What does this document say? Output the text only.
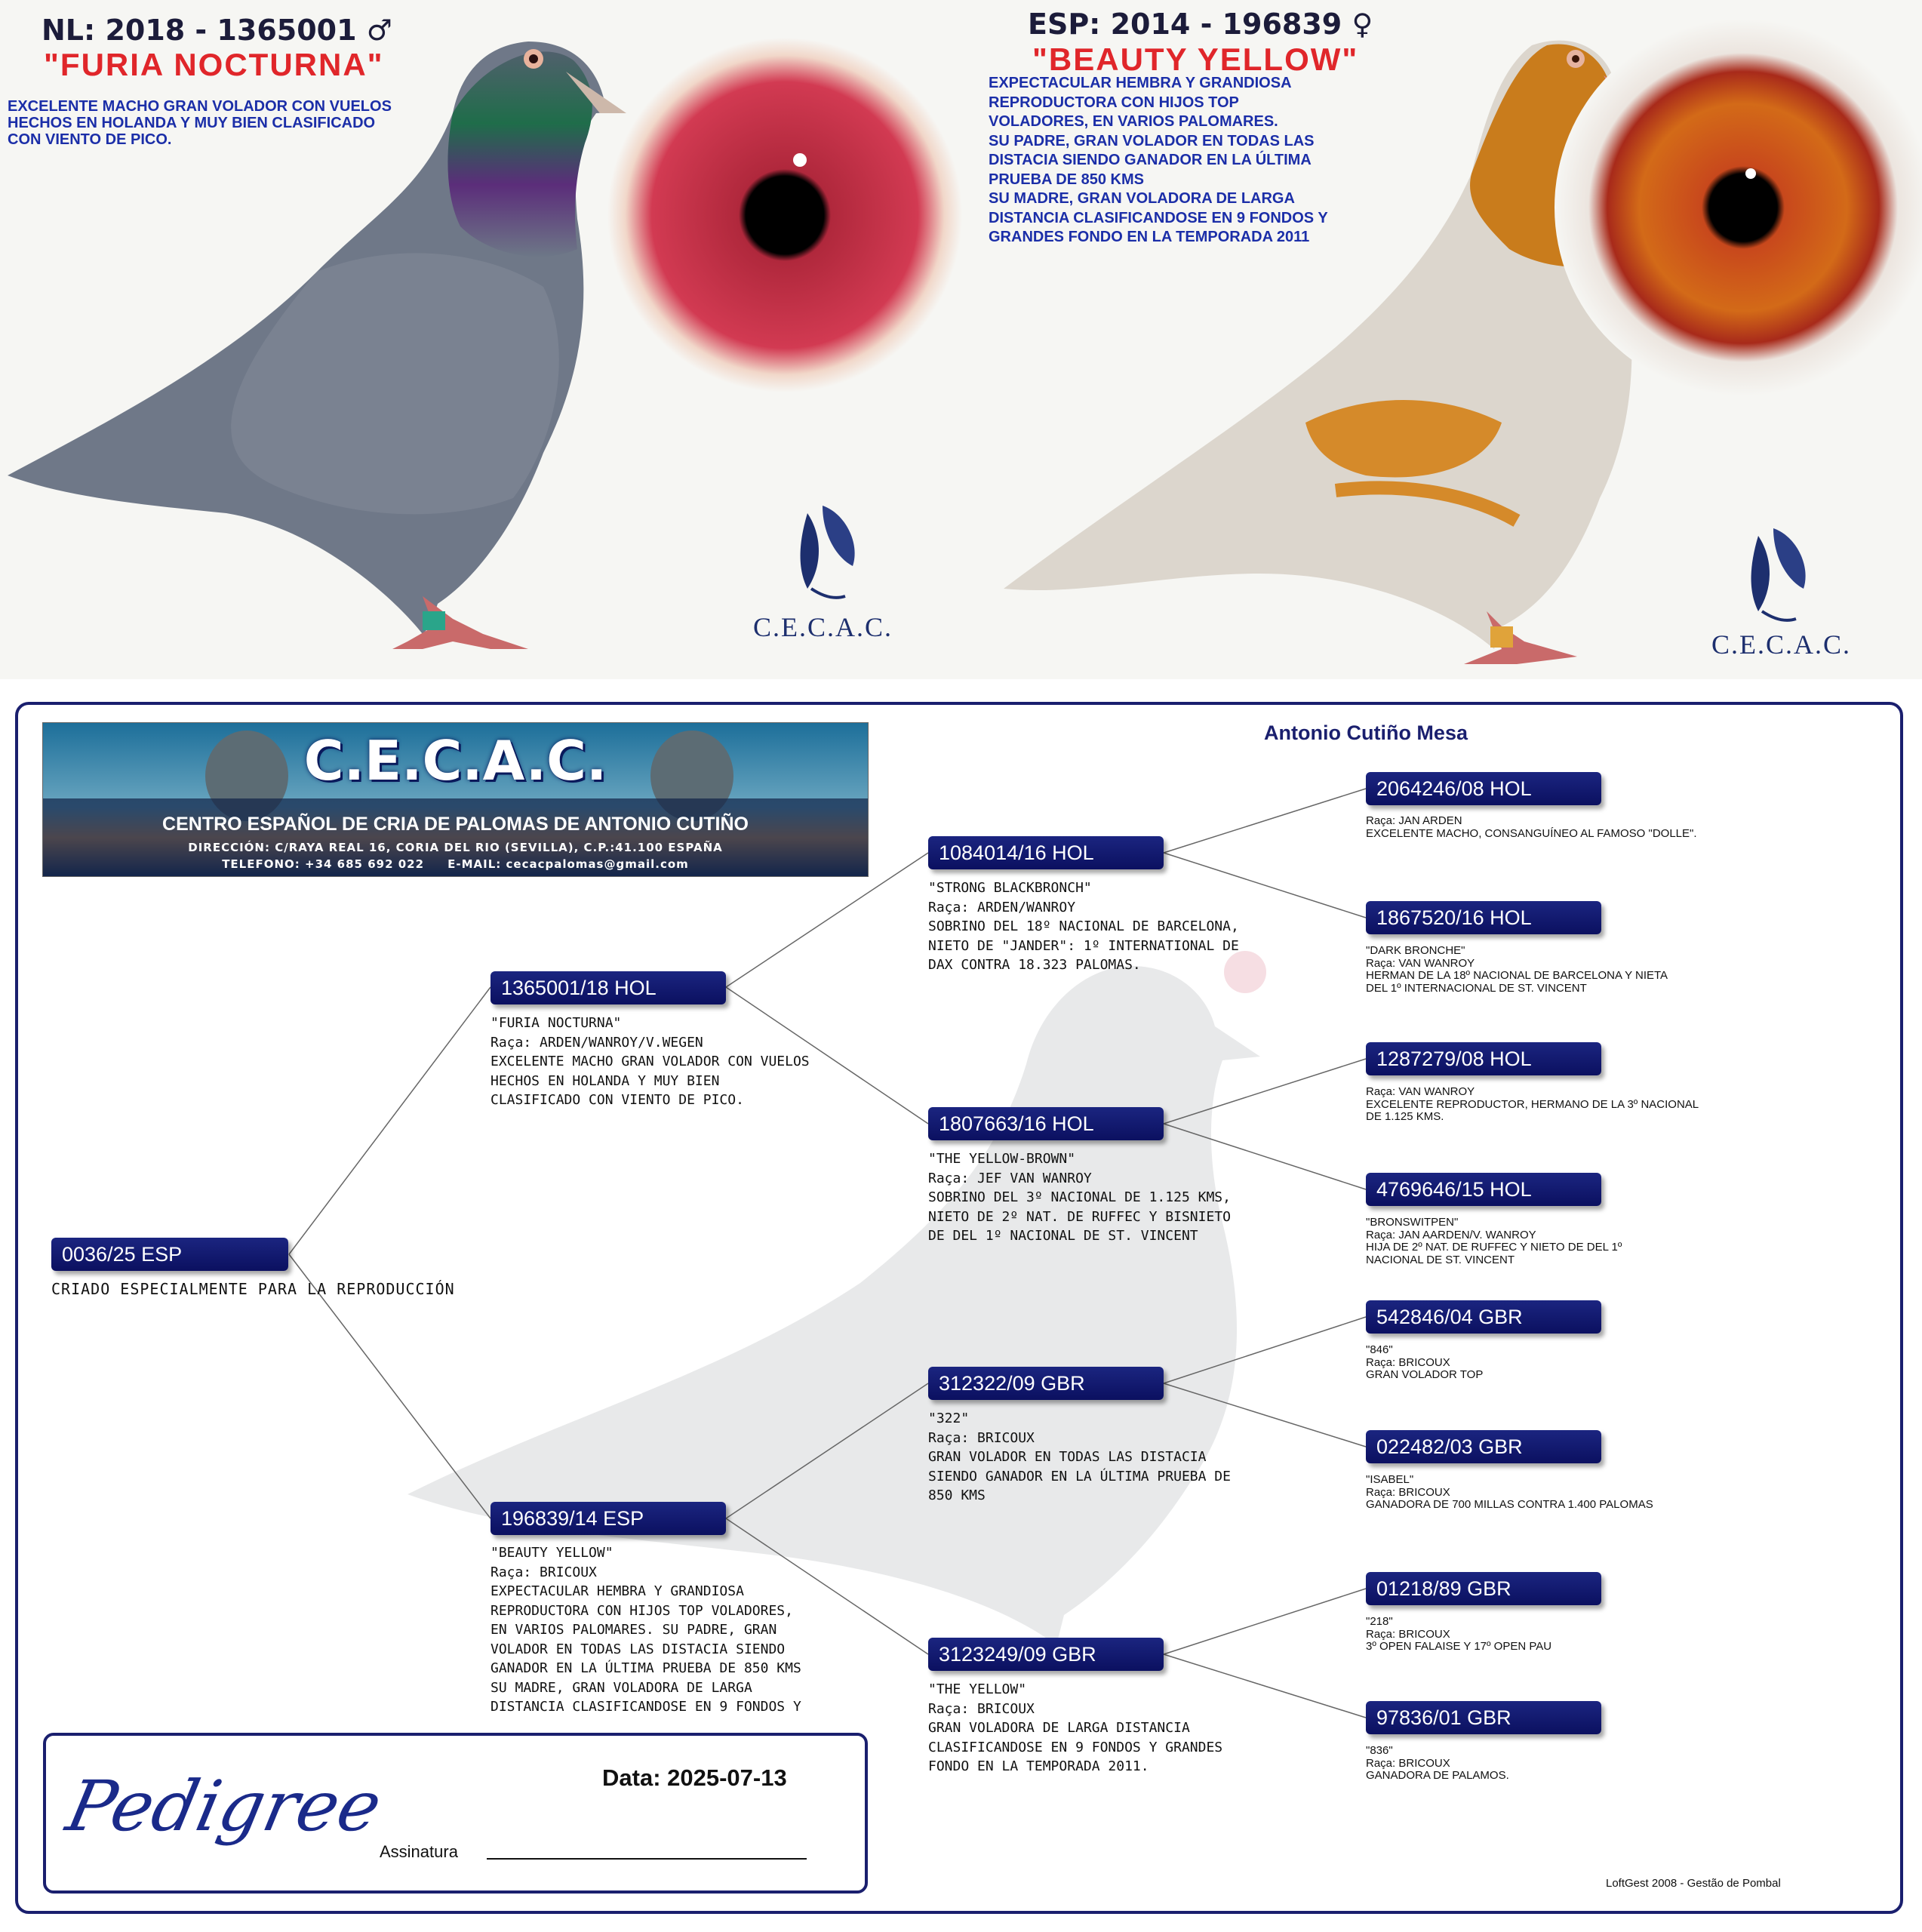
NL: 2018 - 1365001 ♂
"FURIA NOCTURNA"
EXCELENTE MACHO GRAN VOLADOR CON VUELOS
HECHOS EN HOLANDA Y MUY BIEN CLASIFICADO
CON VIENTO DE PICO.
C.E.C.A.C.
ESP: 2014 - 196839 ♀
"BEAUTY YELLOW"
EXPECTACULAR HEMBRA Y GRANDIOSA
REPRODUCTORA CON HIJOS TOP
VOLADORES, EN VARIOS PALOMARES.
SU PADRE, GRAN VOLADOR EN TODAS LAS
DISTACIA SIENDO GANADOR EN LA ÚLTIMA
PRUEBA DE 850 KMS
SU MADRE, GRAN VOLADORA DE LARGA
DISTANCIA CLASIFICANDOSE EN 9 FONDOS Y
GRANDES FONDO EN LA TEMPORADA 2011
C.E.C.A.C.
C.E.C.A.C.
CENTRO ESPAÑOL DE CRIA DE PALOMAS DE ANTONIO CUTIÑO
DIRECCIÓN: C/RAYA REAL 16, CORIA DEL RIO (SEVILLA), C.P.:41.100 ESPAÑA
TELEFONO: +34 685 692 022     E-MAIL: cecacpalomas@gmail.com
Antonio Cutiño Mesa
0036/25 ESP
CRIADO ESPECIALMENTE PARA LA REPRODUCCIÓN
1365001/18 HOL
"FURIA NOCTURNA"
Raça: ARDEN/WANROY/V.WEGEN
EXCELENTE MACHO GRAN VOLADOR CON VUELOS
HECHOS EN HOLANDA Y MUY BIEN
CLASIFICADO CON VIENTO DE PICO.
196839/14 ESP
"BEAUTY YELLOW"
Raça: BRICOUX
EXPECTACULAR HEMBRA Y GRANDIOSA
REPRODUCTORA CON HIJOS TOP VOLADORES,
EN VARIOS PALOMARES. SU PADRE, GRAN
VOLADOR EN TODAS LAS DISTACIA SIENDO
GANADOR EN LA ÚLTIMA PRUEBA DE 850 KMS
SU MADRE, GRAN VOLADORA DE LARGA
DISTANCIA CLASIFICANDOSE EN 9 FONDOS Y
1084014/16 HOL
"STRONG BLACKBRONCH"
Raça: ARDEN/WANROY
SOBRINO DEL 18º NACIONAL DE BARCELONA,
NIETO DE "JANDER": 1º INTERNATIONAL DE
DAX CONTRA 18.323 PALOMAS.
1807663/16 HOL
"THE YELLOW-BROWN"
Raça: JEF VAN WANROY
SOBRINO DEL 3º NACIONAL DE 1.125 KMS,
NIETO DE 2º NAT. DE RUFFEC Y BISNIETO
DE DEL 1º NACIONAL DE ST. VINCENT
312322/09 GBR
"322"
Raça: BRICOUX
GRAN VOLADOR EN TODAS LAS DISTACIA
SIENDO GANADOR EN LA ÚLTIMA PRUEBA DE
850 KMS
3123249/09 GBR
"THE YELLOW"
Raça: BRICOUX
GRAN VOLADORA DE LARGA DISTANCIA
CLASIFICANDOSE EN 9 FONDOS Y GRANDES
FONDO EN LA TEMPORADA 2011.
2064246/08 HOL
Raça: JAN ARDEN
EXCELENTE MACHO, CONSANGUÍNEO AL FAMOSO "DOLLE".
1867520/16 HOL
"DARK BRONCHE"
Raça: VAN WANROY
HERMAN DE LA 18º NACIONAL DE BARCELONA Y NIETA
DEL 1º INTERNACIONAL DE ST. VINCENT
1287279/08 HOL
Raça: VAN WANROY
EXCELENTE REPRODUCTOR, HERMANO DE LA 3º NACIONAL
DE 1.125 KMS.
4769646/15 HOL
"BRONSWITPEN"
Raça: JAN AARDEN/V. WANROY
HIJA DE 2º NAT. DE RUFFEC Y NIETO DE DEL 1º
NACIONAL DE ST. VINCENT
542846/04 GBR
"846"
Raça: BRICOUX
GRAN VOLADOR TOP
022482/03 GBR
"ISABEL"
Raça: BRICOUX
GANADORA DE 700 MILLAS CONTRA 1.400 PALOMAS
01218/89 GBR
"218"
Raça: BRICOUX
3º OPEN FALAISE Y 17º OPEN PAU
97836/01 GBR
"836"
Raça: BRICOUX
GANADORA DE PALAMOS.
Pedigree	Data: 2025-07-13
Assinatura
LoftGest 2008 - Gestão de Pombal
